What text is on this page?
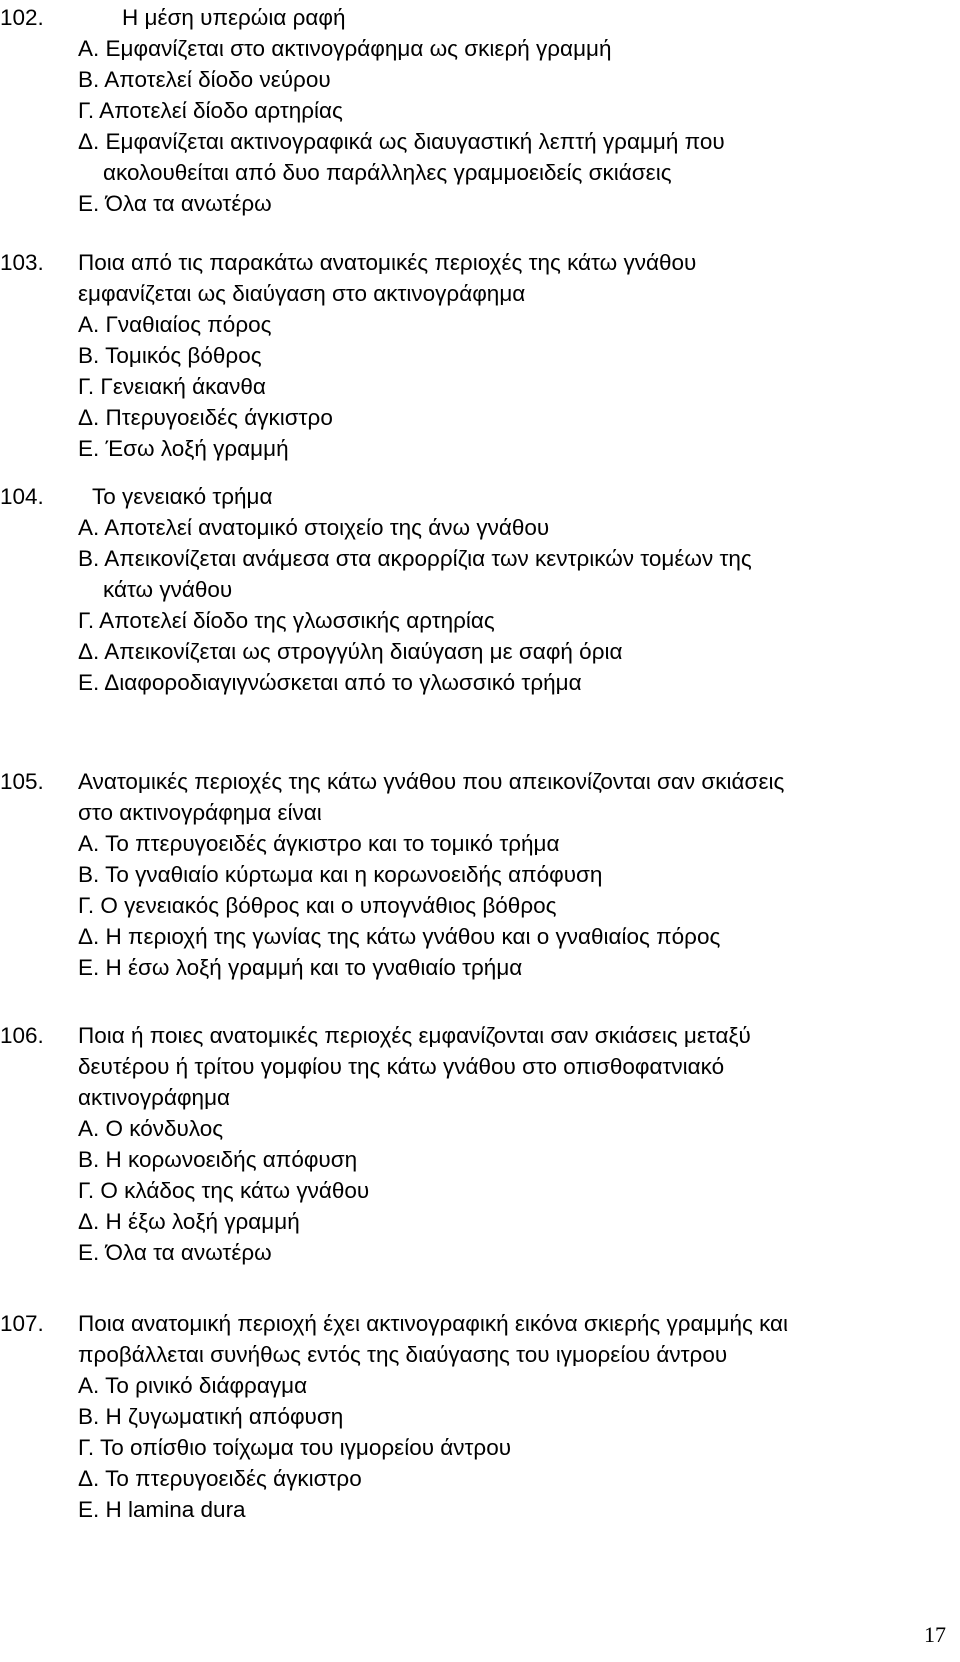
102.	Η μέση υπερώια ραφή
Α. Εμφανίζεται στο ακτινογράφημα ως σκιερή γραμμή
Β. Αποτελεί δίοδο νεύρου
Γ. Αποτελεί δίοδο αρτηρίας
Δ. Εμφανίζεται ακτινογραφικά ως διαυγαστική λεπτή γραμμή που
ακολουθείται από δυο παράλληλες γραμμοειδείς σκιάσεις
Ε. Όλα τα ανωτέρω
103.	Ποια από τις παρακάτω ανατομικές περιοχές της κάτω γνάθου
εμφανίζεται ως διαύγαση στο ακτινογράφημα
Α. Γναθιαίος πόρος
Β. Τομικός βόθρος
Γ. Γενειακή άκανθα
Δ. Πτερυγοειδές άγκιστρο
Ε. Έσω λοξή γραμμή
104.	Το γενειακό τρήμα
Α. Αποτελεί ανατομικό στοιχείο της άνω γνάθου
Β. Απεικονίζεται ανάμεσα στα ακρορρίζια των κεντρικών τομέων της
κάτω γνάθου
Γ. Αποτελεί δίοδο της γλωσσικής αρτηρίας
Δ. Απεικονίζεται ως στρογγύλη διαύγαση με σαφή όρια
Ε. Διαφοροδιαγιγνώσκεται από το γλωσσικό τρήμα
105.	Ανατομικές περιοχές της κάτω γνάθου που απεικονίζονται σαν σκιάσεις
στο ακτινογράφημα είναι
Α. Το πτερυγοειδές άγκιστρο και το τομικό τρήμα
Β. Το γναθιαίο κύρτωμα και η κορωνοειδής απόφυση
Γ. Ο γενειακός βόθρος και ο υπογνάθιος βόθρος
Δ. Η περιοχή της γωνίας της κάτω γνάθου και ο γναθιαίος πόρος
Ε. Η έσω λοξή γραμμή και το γναθιαίο τρήμα
106.	Ποια ή ποιες ανατομικές περιοχές εμφανίζονται σαν σκιάσεις μεταξύ
δευτέρου ή τρίτου γομφίου της κάτω γνάθου στο οπισθοφατνιακό
ακτινογράφημα
Α. Ο κόνδυλος
Β. Η κορωνοειδής απόφυση
Γ. Ο κλάδος της κάτω γνάθου
Δ. Η έξω λοξή γραμμή
Ε. Όλα τα ανωτέρω
107.	Ποια ανατομική περιοχή έχει ακτινογραφική εικόνα σκιερής γραμμής και
προβάλλεται συνήθως εντός της διαύγασης του ιγμορείου άντρου
Α. Το ρινικό διάφραγμα
Β. Η ζυγωματική απόφυση
Γ. Το οπίσθιο τοίχωμα του ιγμορείου άντρου
Δ. Το πτερυγοειδές άγκιστρο
Ε. Η lamina dura
17
